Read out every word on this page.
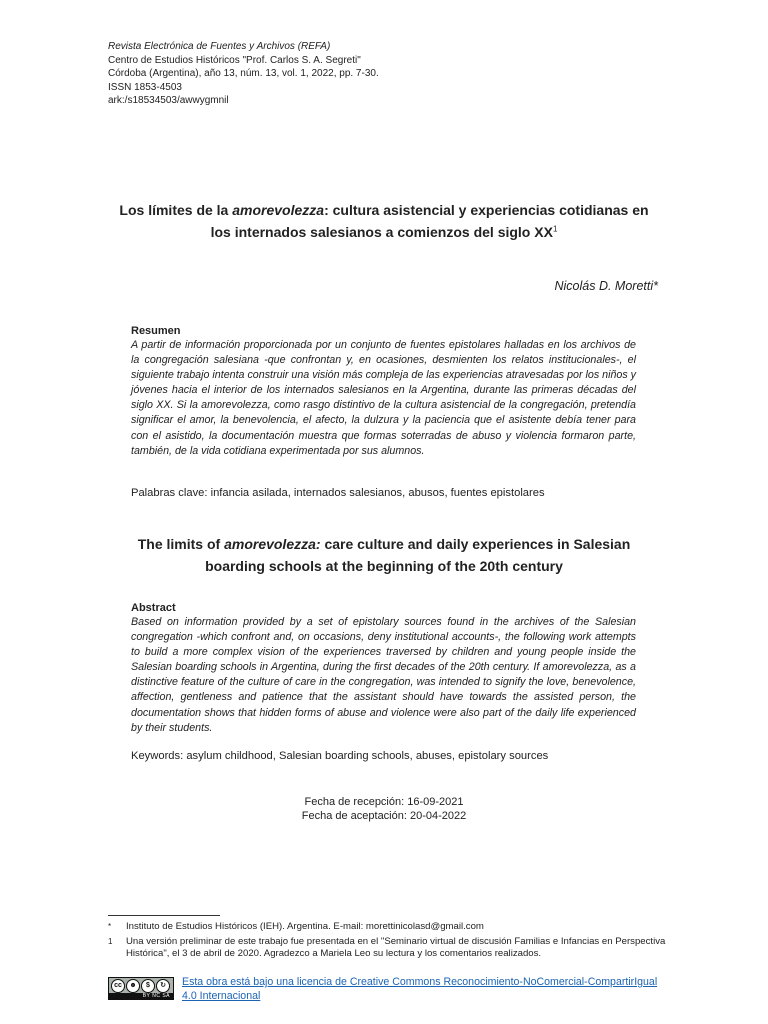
Revista Electrónica de Fuentes y Archivos (REFA)
Centro de Estudios Históricos "Prof. Carlos S. A. Segreti"
Córdoba (Argentina), año 13, núm. 13, vol. 1, 2022, pp. 7-30.
ISSN 1853-4503
ark:/s18534503/awwygmnil
Los límites de la amorevolezza: cultura asistencial y experiencias cotidianas en
los internados salesianos a comienzos del siglo $XX^1$
Nicolás D. Moretti*
Resumen
A partir de información proporcionada por un conjunto de fuentes epistolares halladas en los archivos de la congregación salesiana -que confrontan y, en ocasiones, desmienten los relatos institucionales-, el siguiente trabajo intenta construir una visión más compleja de las experiencias atravesadas por los niños y jóvenes hacia el interior de los internados salesianos en la Argentina, durante las primeras décadas del siglo XX. Si la amorevolezza, como rasgo distintivo de la cultura asistencial de la congregación, pretendía significar el amor, la benevolencia, el afecto, la dulzura y la paciencia que el asistente debía tener para con el asistido, la documentación muestra que formas soterradas de abuso y violencia formaron parte, también, de la vida cotidiana experimentada por sus alumnos.
Palabras clave: infancia asilada, internados salesianos, abusos, fuentes epistolares
The limits of amorevolezza: care culture and daily experiences in Salesian
boarding schools at the beginning of the 20th century
Abstract
Based on information provided by a set of epistolary sources found in the archives of the Salesian congregation -which confront and, on occasions, deny institutional accounts-, the following work attempts to build a more complex vision of the experiences traversed by children and young people inside the Salesian boarding schools in Argentina, during the first decades of the 20th century. If amorevolezza, as a distinctive feature of the culture of care in the congregation, was intended to signify the love, benevolence, affection, gentleness and patience that the assistant should have towards the assisted person, the documentation shows that hidden forms of abuse and violence were also part of the daily life experienced by their students.
Keywords: asylum childhood, Salesian boarding schools, abuses, epistolary sources
Fecha de recepción: 16-09-2021
Fecha de aceptación: 20-04-2022
* Instituto de Estudios Históricos (IEH). Argentina. E-mail: morettinicolasd@gmail.com
1 Una versión preliminar de este trabajo fue presentada en el "Seminario virtual de discusión Familias e Infancias en Perspectiva Histórica", el 3 de abril de 2020. Agradezco a Mariela Leo su lectura y los comentarios realizados.
cc	☻	$	↻
BY NC SA
Esta obra está bajo una licencia de Creative Commons Reconocimiento-NoComercial-CompartirIgual 4.0 Internacional
